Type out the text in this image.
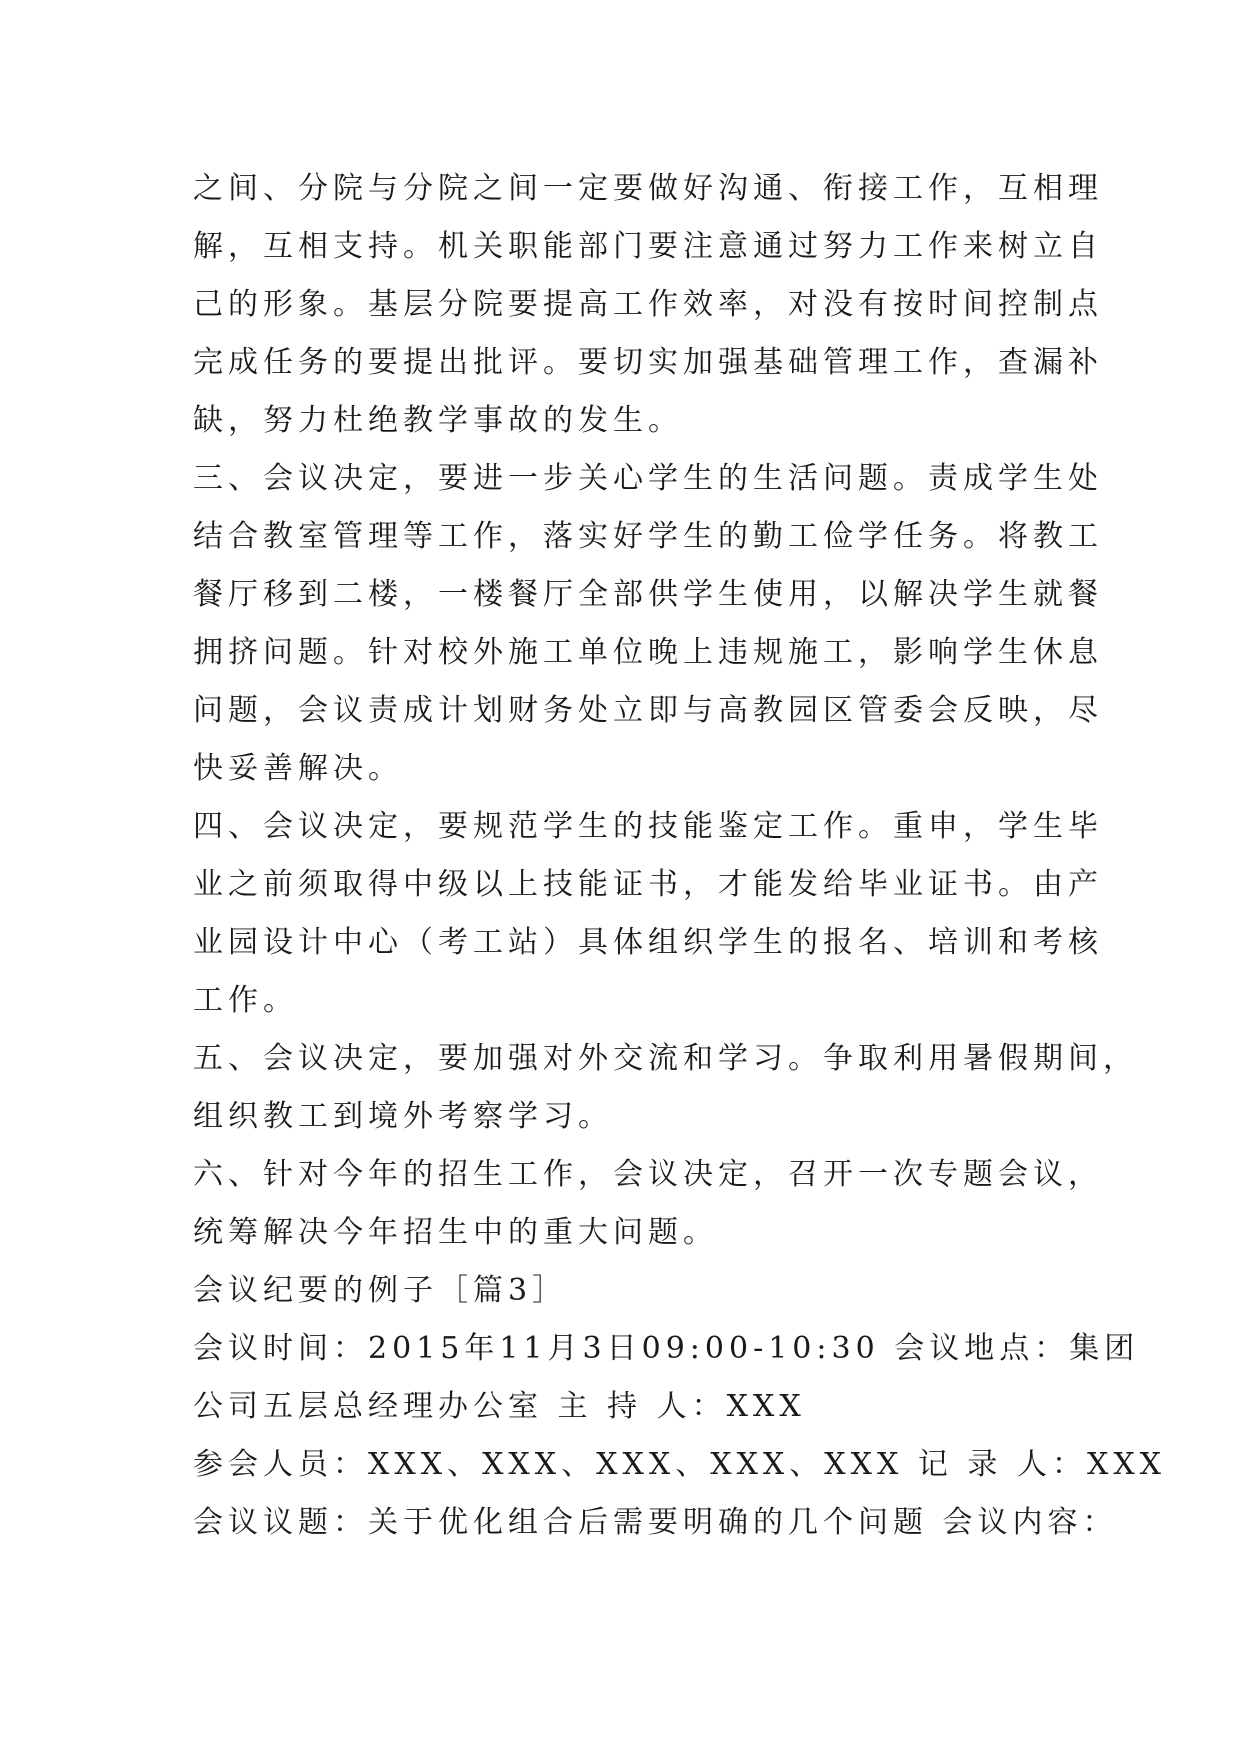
之间、分院与分院之间一定要做好沟通、衔接工作，互相理
解，互相支持。机关职能部门要注意通过努力工作来树立自
己的形象。基层分院要提高工作效率，对没有按时间控制点
完成任务的要提出批评。要切实加强基础管理工作，查漏补
缺，努力杜绝教学事故的发生。
三、会议决定，要进一步关心学生的生活问题。责成学生处
结合教室管理等工作，落实好学生的勤工俭学任务。将教工
餐厅移到二楼，一楼餐厅全部供学生使用，以解决学生就餐
拥挤问题。针对校外施工单位晚上违规施工，影响学生休息
问题，会议责成计划财务处立即与高教园区管委会反映，尽
快妥善解决。
四、会议决定，要规范学生的技能鉴定工作。重申，学生毕
业之前须取得中级以上技能证书，才能发给毕业证书。由产
业园设计中心（考工站）具体组织学生的报名、培训和考核
工作。
五、会议决定，要加强对外交流和学习。争取利用暑假期间，
组织教工到境外考察学习。
六、针对今年的招生工作，会议决定，召开一次专题会议，
统筹解决今年招生中的重大问题。
会议纪要的例子［篇3］
会议时间：2015年11月3日09:00-10:30 会议地点：集团
公司五层总经理办公室 主 持 人：XXX
参会人员：XXX、XXX、XXX、XXX、XXX 记 录 人：XXX
会议议题：关于优化组合后需要明确的几个问题 会议内容：
